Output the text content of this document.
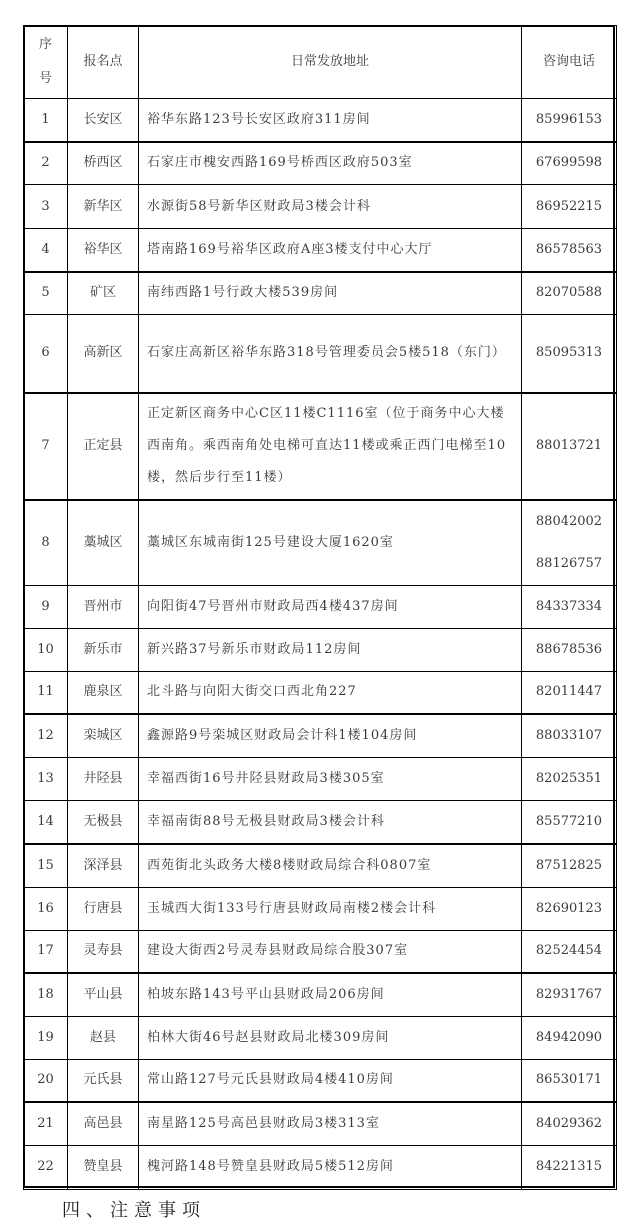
序
号	报名点	日常发放地址	咨询电话
1	长安区	裕华东路123号长安区政府311房间	85996153
2	桥西区	石家庄市槐安西路169号桥西区政府503室	67699598
3	新华区	水源街58号新华区财政局3楼会计科	86952215
4	裕华区	塔南路169号裕华区政府A座3楼支付中心大厅	86578563
5	矿区	南纬西路1号行政大楼539房间	82070588
6	高新区	石家庄高新区裕华东路318号管理委员会5楼518（东门）	85095313
7	正定县	正定新区商务中心C区11楼C1116室（位于商务中心大楼西南角。乘西南角处电梯可直达11楼或乘正西门电梯至10楼，然后步行至11楼）	88013721
8	藁城区	藁城区东城南街125号建设大厦1620室	88042002
88126757

9	晋州市	向阳街47号晋州市财政局西4楼437房间	84337334
10	新乐市	新兴路37号新乐市财政局112房间	88678536
11	鹿泉区	北斗路与向阳大街交口西北角227	82011447
12	栾城区	鑫源路9号栾城区财政局会计科1楼104房间	88033107
13	井陉县	幸福西街16号井陉县财政局3楼305室	82025351
14	无极县	幸福南街88号无极县财政局3楼会计科	85577210
15	深泽县	西苑街北头政务大楼8楼财政局综合科0807室	87512825
16	行唐县	玉城西大街133号行唐县财政局南楼2楼会计科	82690123
17	灵寿县	建设大街西2号灵寿县财政局综合股307室	82524454
18	平山县	柏坡东路143号平山县财政局206房间	82931767
19	赵县	柏林大街46号赵县财政局北楼309房间	84942090
20	元氏县	常山路127号元氏县财政局4楼410房间	86530171
21	高邑县	南星路125号高邑县财政局3楼313室	84029362
22	赞皇县	槐河路148号赞皇县财政局5楼512房间	84221315
四、注意事项
